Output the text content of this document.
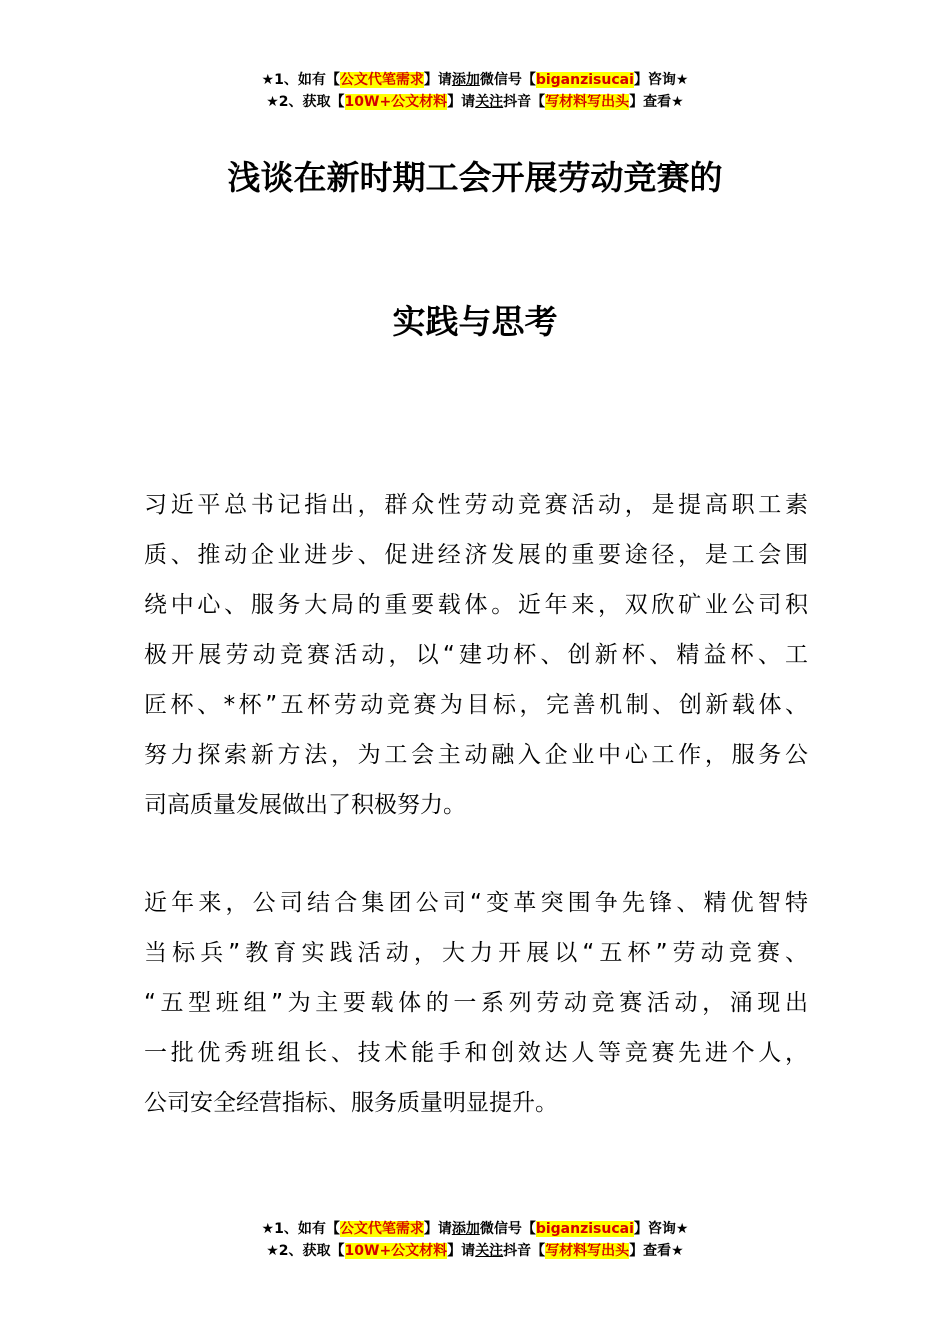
★1、如有【公文代笔需求】请添加微信号【biganzisucai】咨询★
★2、获取【10W+公文材料】请关注抖音【写材料写出头】查看★
浅谈在新时期工会开展劳动竞赛的
实践与思考
习近平总书记指出，群众性劳动竞赛活动，是提高职工素
质、推动企业进步、促进经济发展的重要途径，是工会围
绕中心、服务大局的重要载体。近年来，双欣矿业公司积
极开展劳动竞赛活动，以“建功杯、创新杯、精益杯、工
匠杯、*杯”五杯劳动竞赛为目标，完善机制、创新载体、
努力探索新方法，为工会主动融入企业中心工作，服务公
司高质量发展做出了积极努力。
近年来，公司结合集团公司“变革突围争先锋、精优智特
当标兵”教育实践活动，大力开展以“五杯”劳动竞赛、
“五型班组”为主要载体的一系列劳动竞赛活动，涌现出
一批优秀班组长、技术能手和创效达人等竞赛先进个人，
公司安全经营指标、服务质量明显提升。
★1、如有【公文代笔需求】请添加微信号【biganzisucai】咨询★
★2、获取【10W+公文材料】请关注抖音【写材料写出头】查看★
